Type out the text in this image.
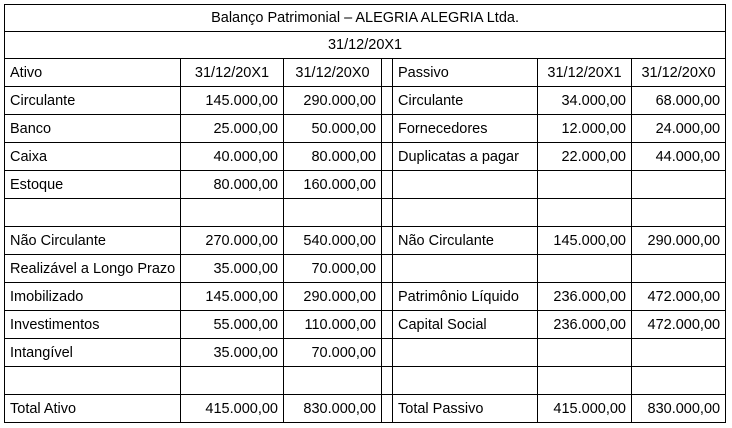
Balanço Patrimonial – ALEGRIA ALEGRIA Ltda.						
31/12/20X1						
Ativo	31/12/20X1	31/12/20X0		Passivo	31/12/20X1	31/12/20X0
Circulante	145.000,00	290.000,00		Circulante	34.000,00	68.000,00
Banco	25.000,00	50.000,00		Fornecedores	12.000,00	24.000,00
Caixa	40.000,00	80.000,00		Duplicatas a pagar	22.000,00	44.000,00
Estoque	80.000,00	160.000,00				

Não Circulante	270.000,00	540.000,00		Não Circulante	145.000,00	290.000,00
Realizável a Longo Prazo	35.000,00	70.000,00				
Imobilizado	145.000,00	290.000,00		Patrimônio Líquido	236.000,00	472.000,00
Investimentos	55.000,00	110.000,00		Capital Social	236.000,00	472.000,00
Intangível	35.000,00	70.000,00				

Total Ativo	415.000,00	830.000,00		Total Passivo	415.000,00	830.000,00
